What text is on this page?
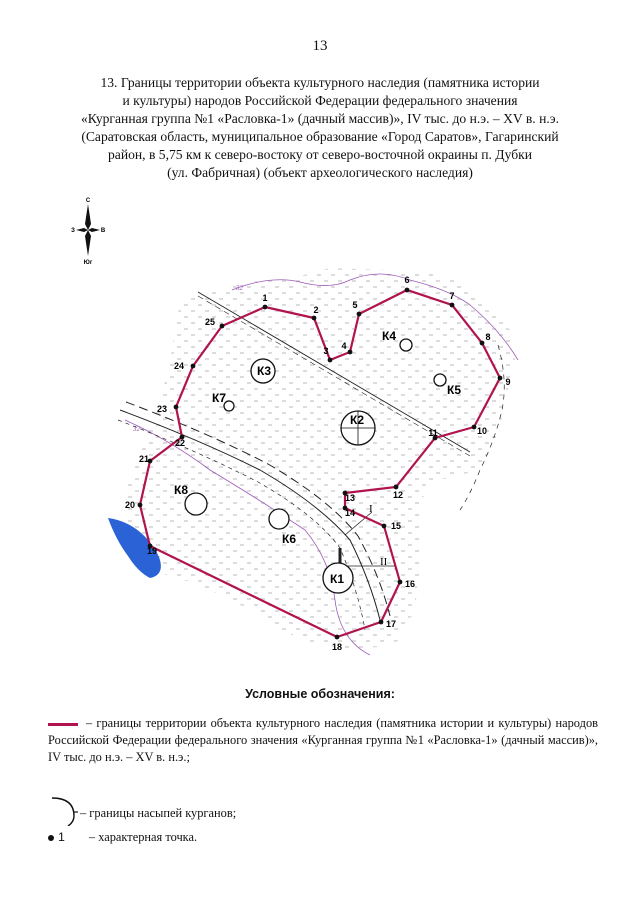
13
13. Границы территории объекта культурного наследия (памятника истории
и культуры) народов Российской Федерации федерального значения
«Курганная группа №1 «Расловка-1» (дачный массив)», IV тыс. до н.э. – XV в. н.э.
(Саратовская область, муниципальное образование «Город Саратов», Гагаринский
район, в 5,75 км к северо-востоку от северо-восточной окраины п. Дубки
(ул. Фабричная) (объект археологического наследия)
С
Юг
З	В
32
32
I
II
К1
К2
К3
К4
К5
К6
К7
К8
1
2
3 4
5
6
7
8
9
10
11
12
13
14
15
16
17
18
19
20
21
22
23
24
25
Условные обозначения:
– границы территории объекта культурного наследия (памятника истории и культуры) народов Российской Федерации федерального значения «Курганная группа №1 «Расловка-1» (дачный массив)», IV тыс. до н.э. – XV в. н.э.;
– границы насыпей курганов;
1 – характерная точка.
